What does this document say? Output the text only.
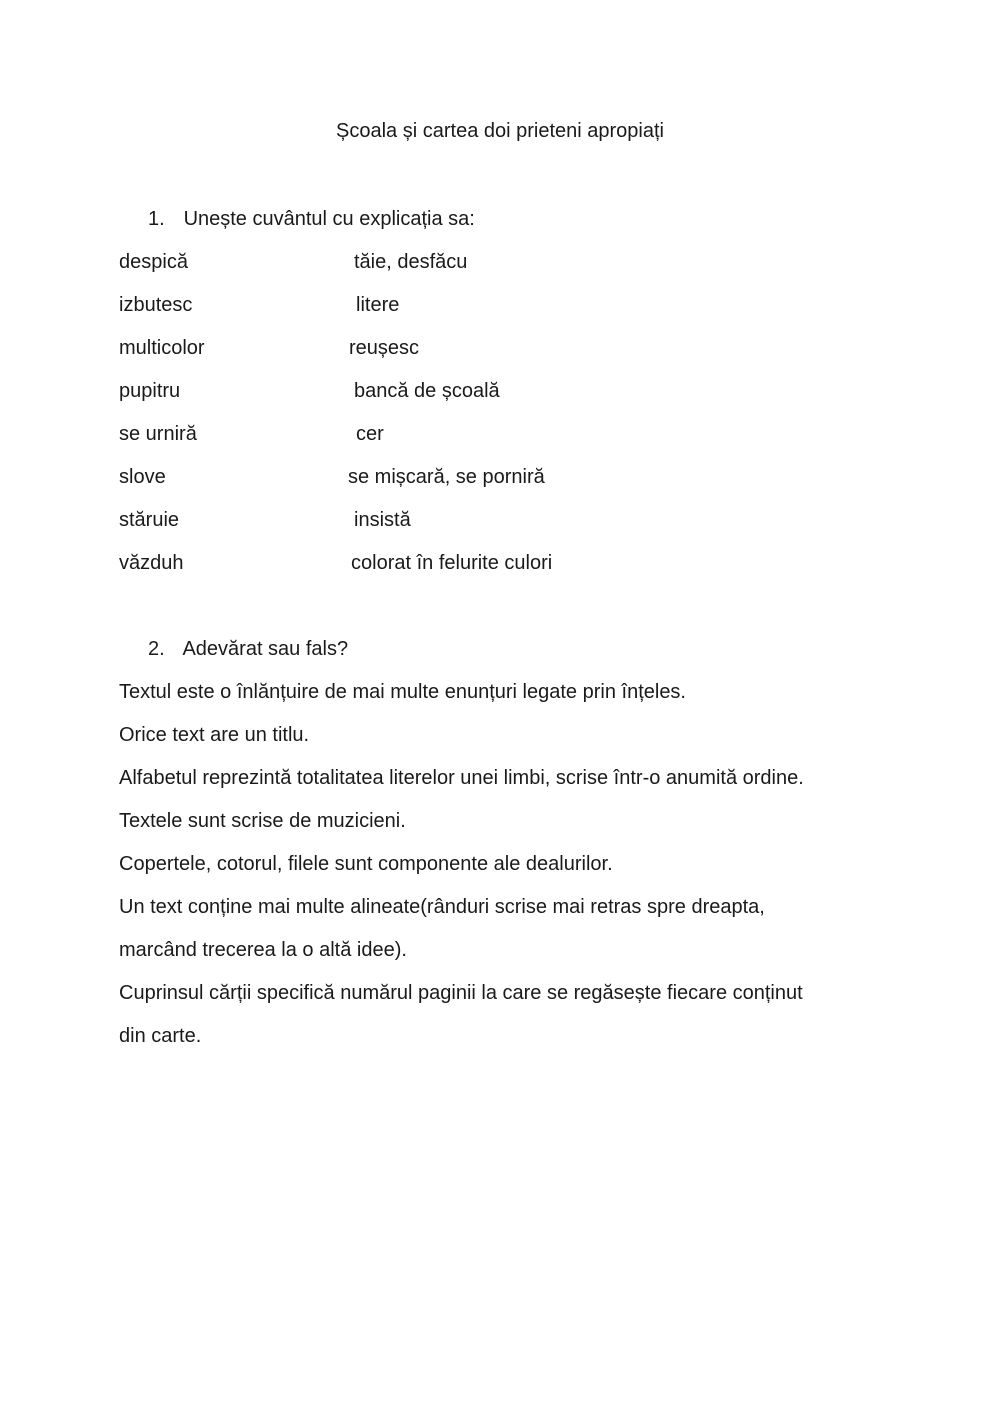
Școala și cartea doi prieteni apropiați
1. Unește cuvântul cu explicația sa:
despică	tăie, desfăcu
izbutesc	litere
multicolor	reușesc
pupitru	bancă de școală
se urniră	cer
slove	se mișcară, se porniră
stăruie	insistă
văzduh	colorat în felurite culori
2. Adevărat sau fals?
Textul este o înlănțuire de mai multe enunțuri legate prin înțeles.
Orice text are un titlu.
Alfabetul reprezintă totalitatea literelor unei limbi, scrise într-o anumită ordine.
Textele sunt scrise de muzicieni.
Copertele, cotorul, filele sunt componente ale dealurilor.
Un text conține mai multe alineate(rânduri scrise mai retras spre dreapta,
marcând trecerea la o altă idee).
Cuprinsul cărții specifică numărul paginii la care se regăsește fiecare conținut
din carte.
